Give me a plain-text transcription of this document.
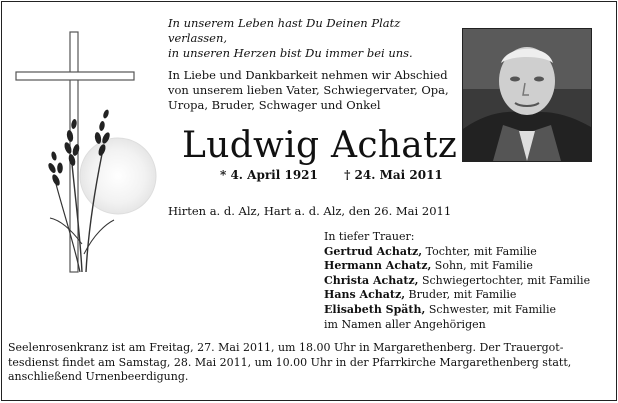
In unserem Leben hast Du Deinen Platz verlassen,
in unseren Herzen bist Du immer bei uns.
In Liebe und Dankbarkeit nehmen wir Abschied
von unserem lieben Vater, Schwiegervater, Opa,
Uropa, Bruder, Schwager und Onkel
Ludwig Achatz
* 4. April 1921 † 24. Mai 2011
Hirten a. d. Alz, Hart a. d. Alz, den 26. Mai 2011
In tiefer Trauer:
Gertrud Achatz, Tochter, mit Familie
Hermann Achatz, Sohn, mit Familie
Christa Achatz, Schwiegertochter, mit Familie
Hans Achatz, Bruder, mit Familie
Elisabeth Späth, Schwester, mit Familie
im Namen aller Angehörigen
Seelenrosenkranz ist am Freitag, 27. Mai 2011, um 18.00 Uhr in Margarethenberg. Der Trauergot-
tesdienst findet am Samstag, 28. Mai 2011, um 10.00 Uhr in der Pfarrkirche Margarethenberg statt,
anschließend Urnenbeerdigung.
